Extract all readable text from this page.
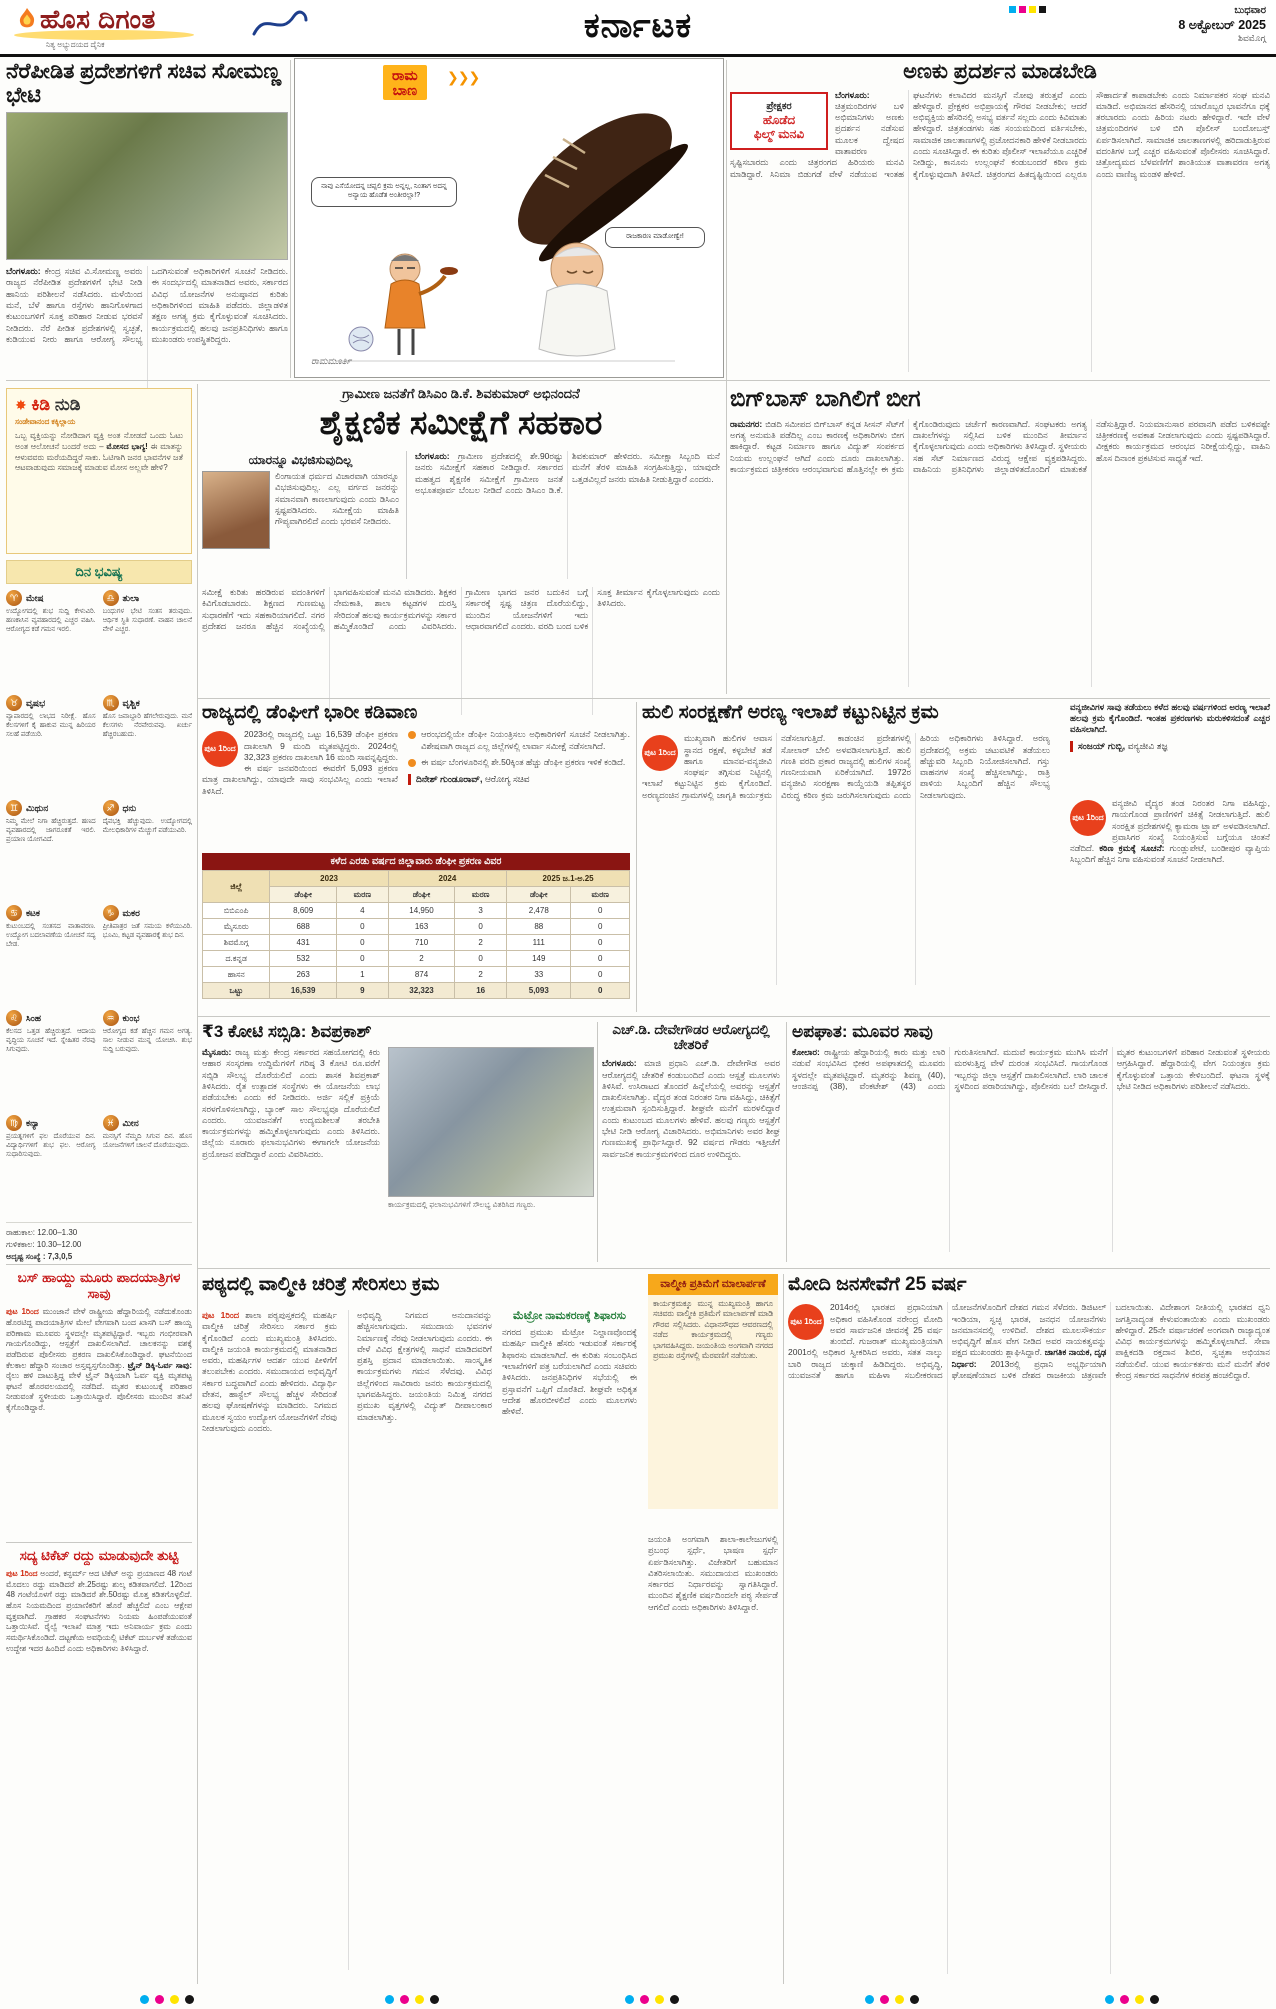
ಹೊಸ ದಿಗಂತ
ನಿತ್ಯ ಅಭ್ಯುದಯದ ದೈನಿಕ	ಕರ್ನಾಟಕ	ಬುಧವಾರ
8 ಅಕ್ಟೋಬರ್ 2025
ಶಿವಮೊಗ್ಗ
ನೆರೆಪೀಡಿತ ಪ್ರದೇಶಗಳಿಗೆ ಸಚಿವ ಸೋಮಣ್ಣ ಭೇಟಿ
ಬೆಂಗಳೂರು: ಕೇಂದ್ರ ಸಚಿವ ವಿ.ಸೋಮಣ್ಣ ಅವರು ರಾಜ್ಯದ ನೆರೆಪೀಡಿತ ಪ್ರದೇಶಗಳಿಗೆ ಭೇಟಿ ನೀಡಿ ಹಾನಿಯ ಪರಿಶೀಲನೆ ನಡೆಸಿದರು. ಮಳೆಯಿಂದ ಮನೆ, ಬೆಳೆ ಹಾಗೂ ರಸ್ತೆಗಳು ಹಾನಿಗೊಳಗಾದ ಕುಟುಂಬಗಳಿಗೆ ಸೂಕ್ತ ಪರಿಹಾರ ನೀಡುವ ಭರವಸೆ ನೀಡಿದರು. ನೆರೆ ಪೀಡಿತ ಪ್ರದೇಶಗಳಲ್ಲಿ ಸ್ವಚ್ಛತೆ, ಕುಡಿಯುವ ನೀರು ಹಾಗೂ ಆರೋಗ್ಯ ಸೌಲಭ್ಯ ಒದಗಿಸುವಂತೆ ಅಧಿಕಾರಿಗಳಿಗೆ ಸೂಚನೆ ನೀಡಿದರು. ಈ ಸಂದರ್ಭದಲ್ಲಿ ಮಾತನಾಡಿದ ಅವರು, ಸರ್ಕಾರದ ವಿವಿಧ ಯೋಜನೆಗಳ ಅನುಷ್ಠಾನದ ಕುರಿತು ಅಧಿಕಾರಿಗಳಿಂದ ಮಾಹಿತಿ ಪಡೆದರು. ಜಿಲ್ಲಾಡಳಿತ ತಕ್ಷಣ ಅಗತ್ಯ ಕ್ರಮ ಕೈಗೊಳ್ಳುವಂತೆ ಸೂಚಿಸಿದರು. ಕಾರ್ಯಕ್ರಮದಲ್ಲಿ ಹಲವು ಜನಪ್ರತಿನಿಧಿಗಳು ಹಾಗೂ ಮುಖಂಡರು ಉಪಸ್ಥಿತರಿದ್ದರು.
ರಾಮ
ಬಾಣ
❯❯❯
ನಾವು ಎಸೆಯೋದನ್ನ ಚಪ್ಪಲಿ ಕ್ರಮ ಅನ್ನಲ್ಲ, ನಿಂತಾಗ ಅದನ್ನ ಅನ್ಯಾಯ ಹೊಡೆತ ಅಂತೀರಲ್ಲಾ!?
ರಾಜಕಾರಣ ಮಾಡೋಣ್ವೇ!
ರಾಮಮೂರ್ತಿ
ಅಣಕು ಪ್ರದರ್ಶನ ಮಾಡಬೇಡಿ
ಪ್ರೇಕ್ಷಕರ
ಹೊಡೆದ
ಫಿಲ್ಮ್ ಮನವಿ
ಬೆಂಗಳೂರು: ಚಿತ್ರಮಂದಿರಗಳ ಬಳಿ ಅಭಿಮಾನಿಗಳು ಅಣಕು ಪ್ರದರ್ಶನ ನಡೆಸುವ ಮೂಲಕ ದ್ವೇಷದ ವಾತಾವರಣ ಸೃಷ್ಟಿಸಬಾರದು ಎಂದು ಚಿತ್ರರಂಗದ ಹಿರಿಯರು ಮನವಿ ಮಾಡಿದ್ದಾರೆ. ಸಿನಿಮಾ ಬಿಡುಗಡೆ ವೇಳೆ ನಡೆಯುವ ಇಂತಹ ಘಟನೆಗಳು ಕಲಾವಿದರ ಮನಸ್ಸಿಗೆ ನೋವು ತರುತ್ತವೆ ಎಂದು ಹೇಳಿದ್ದಾರೆ. ಪ್ರೇಕ್ಷಕರ ಅಭಿಪ್ರಾಯಕ್ಕೆ ಗೌರವ ನೀಡಬೇಕು; ಆದರೆ ಅಭಿವ್ಯಕ್ತಿಯ ಹೆಸರಿನಲ್ಲಿ ಅಸಭ್ಯ ವರ್ತನೆ ಸಲ್ಲದು ಎಂದು ಕಿವಿಮಾತು ಹೇಳಿದ್ದಾರೆ. ಚಿತ್ರತಂಡಗಳು ಸಹ ಸಂಯಮದಿಂದ ವರ್ತಿಸಬೇಕು, ಸಾಮಾಜಿಕ ಜಾಲತಾಣಗಳಲ್ಲಿ ಪ್ರಚೋದನಕಾರಿ ಹೇಳಿಕೆ ನೀಡಬಾರದು ಎಂದು ಸೂಚಿಸಿದ್ದಾರೆ. ಈ ಕುರಿತು ಪೊಲೀಸ್ ಇಲಾಖೆಯೂ ಎಚ್ಚರಿಕೆ ನೀಡಿದ್ದು, ಕಾನೂನು ಉಲ್ಲಂಘನೆ ಕಂಡುಬಂದರೆ ಕಠಿಣ ಕ್ರಮ ಕೈಗೊಳ್ಳುವುದಾಗಿ ತಿಳಿಸಿದೆ. ಚಿತ್ರರಂಗದ ಹಿತದೃಷ್ಟಿಯಿಂದ ಎಲ್ಲರೂ ಸೌಹಾರ್ದತೆ ಕಾಪಾಡಬೇಕು ಎಂದು ನಿರ್ಮಾಪಕರ ಸಂಘ ಮನವಿ ಮಾಡಿದೆ. ಅಭಿಮಾನದ ಹೆಸರಿನಲ್ಲಿ ಯಾರೊಬ್ಬರ ಭಾವನೆಗೂ ಧಕ್ಕೆ ತರಬಾರದು ಎಂದು ಹಿರಿಯ ನಟರು ಹೇಳಿದ್ದಾರೆ. ಇದೇ ವೇಳೆ ಚಿತ್ರಮಂದಿರಗಳ ಬಳಿ ಬಿಗಿ ಪೊಲೀಸ್ ಬಂದೋಬಸ್ತ್ ಏರ್ಪಡಿಸಲಾಗಿದೆ. ಸಾಮಾಜಿಕ ಜಾಲತಾಣಗಳಲ್ಲಿ ಹರಿದಾಡುತ್ತಿರುವ ವದಂತಿಗಳ ಬಗ್ಗೆ ಎಚ್ಚರ ವಹಿಸುವಂತೆ ಪೊಲೀಸರು ಸೂಚಿಸಿದ್ದಾರೆ. ಚಿತ್ರೋದ್ಯಮದ ಬೆಳವಣಿಗೆಗೆ ಶಾಂತಿಯುತ ವಾತಾವರಣ ಅಗತ್ಯ ಎಂದು ವಾಣಿಜ್ಯ ಮಂಡಳಿ ಹೇಳಿದೆ.
✸ ಕಿಡಿ ನುಡಿ
ಸಂಡೇವಾನಂದ ಕಕ್ಕಿಲ್ಲಾಯ
ಒಬ್ಬ ವ್ಯಕ್ತಿಯನ್ನು ನೋಡಿದಾಗ ವ್ಯಕ್ತಿ ಅಂತ ನೋಡದೆ ಒಂದು ಓಟು ಅಂತ ಆಲೋಚನೆ ಬಂದರೆ ಅದು – ಮೋಸದ ಭಾಗ್ಯ! ಈ ಮಾತನ್ನು ಆಳುವವರು ಮರೆಯದಿದ್ದರೆ ಸಾಕು. ಓಟಿಗಾಗಿ ಜನರ ಭಾವನೆಗಳ ಜತೆ ಆಟವಾಡುವುದು ಸಮಾಜಕ್ಕೆ ಮಾಡುವ ಮೋಸ ಅಲ್ಲವೇ ಹೇಳಿ?
ದಿನ ಭವಿಷ್ಯ
♈ ಮೇಷ
ಉದ್ಯೋಗದಲ್ಲಿ ಶುಭ ಸುದ್ದಿ ಕೇಳುವಿರಿ. ಹಣಕಾಸಿನ ವ್ಯವಹಾರದಲ್ಲಿ ಎಚ್ಚರ ವಹಿಸಿ. ಆರೋಗ್ಯದ ಕಡೆ ಗಮನ ಇರಲಿ.
♎ ತುಲಾ
ಬಂಧುಗಳ ಭೇಟಿ ಸಂತಸ ತರುವುದು. ಆರ್ಥಿಕ ಸ್ಥಿತಿ ಸುಧಾರಣೆ. ವಾಹನ ಚಾಲನೆ ವೇಳೆ ಎಚ್ಚರ.
♉ ವೃಷಭ
ವ್ಯಾಪಾರದಲ್ಲಿ ಲಾಭದ ನಿರೀಕ್ಷೆ. ಹೊಸ ಕೆಲಸಗಳಿಗೆ ಕೈ ಹಾಕುವ ಮುನ್ನ ಹಿರಿಯರ ಸಲಹೆ ಪಡೆಯಿರಿ.
♏ ವೃಶ್ಚಿಕ
ಹೊಸ ಜವಾಬ್ದಾರಿ ಹೆಗಲೇರುವುದು. ಮನೆ ಕೆಲಸಗಳು ನೆರವೇರುವವು. ಖರ್ಚು ಹೆಚ್ಚಿರಬಹುದು.
♊ ಮಿಥುನ
ನಿಮ್ಮ ಮೇಲೆ ನಿಗಾ ಹೆಚ್ಚಿರುತ್ತದೆ. ಹಣದ ವ್ಯವಹಾರದಲ್ಲಿ ಜಾಗರೂಕತೆ ಇರಲಿ. ಪ್ರಯಾಣ ಯೋಗವಿದೆ.
♐ ಧನು
ದೈವಭಕ್ತಿ ಹೆಚ್ಚುವುದು. ಉದ್ಯೋಗದಲ್ಲಿ ಮೇಲಧಿಕಾರಿಗಳ ಮೆಚ್ಚುಗೆ ಪಡೆಯುವಿರಿ.
♋ ಕಟಕ
ಕುಟುಂಬದಲ್ಲಿ ಸಂತಸದ ವಾತಾವರಣ. ಉದ್ಯೋಗ ಬದಲಾವಣೆಯ ಯೋಚನೆ ಸದ್ಯ ಬೇಡ.
♑ ಮಕರ
ಪ್ರೀತಿಪಾತ್ರರ ಜತೆ ಸಮಯ ಕಳೆಯುವಿರಿ. ಭೂಮಿ, ಕಟ್ಟಡ ವ್ಯವಹಾರಕ್ಕೆ ಶುಭ ದಿನ.
♌ ಸಿಂಹ
ಕೆಲಸದ ಒತ್ತಡ ಹೆಚ್ಚಿರುತ್ತದೆ. ಆದಾಯ ವೃದ್ಧಿಯ ಸೂಚನೆ ಇದೆ. ಸ್ನೇಹಿತರ ನೆರವು ಸಿಗುವುದು.
♒ ಕುಂಭ
ಆರೋಗ್ಯದ ಕಡೆ ಹೆಚ್ಚಿನ ಗಮನ ಅಗತ್ಯ. ಸಾಲ ನೀಡುವ ಮುನ್ನ ಯೋಚಿಸಿ. ಶುಭ ಸುದ್ದಿ ಬರುವುದು.
♍ ಕನ್ಯಾ
ಪ್ರಯತ್ನಗಳಿಗೆ ಫಲ ದೊರೆಯುವ ದಿನ. ವಿದ್ಯಾರ್ಥಿಗಳಿಗೆ ಶುಭ ಫಲ. ಆರೋಗ್ಯ ಸುಧಾರಿಸುವುದು.
♓ ಮೀನ
ಮನಸ್ಸಿಗೆ ನೆಮ್ಮದಿ ಸಿಗುವ ದಿನ. ಹೊಸ ಯೋಜನೆಗಳಿಗೆ ಚಾಲನೆ ದೊರೆಯುವುದು.
ರಾಹುಕಾಲ: 12.00–1.30
ಗುಳಿಕಕಾಲ: 10.30–12.00
ಅದೃಷ್ಟ ಸಂಖ್ಯೆ : 7,3,0,5
ಗ್ರಾಮೀಣ ಜನತೆಗೆ ಡಿಸಿಎಂ ಡಿ.ಕೆ. ಶಿವಕುಮಾರ್ ಅಭಿನಂದನೆ
ಶೈಕ್ಷಣಿಕ ಸಮೀಕ್ಷೆಗೆ ಸಹಕಾರ
ಯಾರನ್ನೂ ವಿಭಜಿಸುವುದಿಲ್ಲ
ಲಿಂಗಾಯತ ಧರ್ಮದ ವಿಚಾರವಾಗಿ ಯಾರನ್ನೂ ವಿಭಜಿಸುವುದಿಲ್ಲ. ಎಲ್ಲ ವರ್ಗದ ಜನರನ್ನು ಸಮಾನವಾಗಿ ಕಾಣಲಾಗುವುದು ಎಂದು ಡಿಸಿಎಂ ಸ್ಪಷ್ಟಪಡಿಸಿದರು. ಸಮೀಕ್ಷೆಯ ಮಾಹಿತಿ ಗೌಪ್ಯವಾಗಿರಲಿದೆ ಎಂದು ಭರವಸೆ ನೀಡಿದರು.
ಬೆಂಗಳೂರು: ಗ್ರಾಮೀಣ ಪ್ರದೇಶದಲ್ಲಿ ಶೇ.90ರಷ್ಟು ಜನರು ಸಮೀಕ್ಷೆಗೆ ಸಹಕಾರ ನೀಡಿದ್ದಾರೆ. ಸರ್ಕಾರದ ಮಹತ್ವದ ಶೈಕ್ಷಣಿಕ ಸಮೀಕ್ಷೆಗೆ ಗ್ರಾಮೀಣ ಜನತೆ ಅಭೂತಪೂರ್ವ ಬೆಂಬಲ ನೀಡಿದೆ ಎಂದು ಡಿಸಿಎಂ ಡಿ.ಕೆ. ಶಿವಕುಮಾರ್ ಹೇಳಿದರು. ಸಮೀಕ್ಷಾ ಸಿಬ್ಬಂದಿ ಮನೆ ಮನೆಗೆ ತೆರಳಿ ಮಾಹಿತಿ ಸಂಗ್ರಹಿಸುತ್ತಿದ್ದು, ಯಾವುದೇ ಒತ್ತಡವಿಲ್ಲದೆ ಜನರು ಮಾಹಿತಿ ನೀಡುತ್ತಿದ್ದಾರೆ ಎಂದರು.
ಸಮೀಕ್ಷೆ ಕುರಿತು ಹರಡಿರುವ ವದಂತಿಗಳಿಗೆ ಕಿವಿಗೊಡಬಾರದು. ಶಿಕ್ಷಣದ ಗುಣಮಟ್ಟ ಸುಧಾರಣೆಗೆ ಇದು ಸಹಕಾರಿಯಾಗಲಿದೆ. ನಗರ ಪ್ರದೇಶದ ಜನರೂ ಹೆಚ್ಚಿನ ಸಂಖ್ಯೆಯಲ್ಲಿ ಭಾಗವಹಿಸುವಂತೆ ಮನವಿ ಮಾಡಿದರು. ಶಿಕ್ಷಕರ ನೇಮಕಾತಿ, ಶಾಲಾ ಕಟ್ಟಡಗಳ ದುರಸ್ತಿ ಸೇರಿದಂತೆ ಹಲವು ಕಾರ್ಯಕ್ರಮಗಳನ್ನು ಸರ್ಕಾರ ಹಮ್ಮಿಕೊಂಡಿದೆ ಎಂದು ವಿವರಿಸಿದರು. ಗ್ರಾಮೀಣ ಭಾಗದ ಜನರ ಬದುಕಿನ ಬಗ್ಗೆ ಸರ್ಕಾರಕ್ಕೆ ಸ್ಪಷ್ಟ ಚಿತ್ರಣ ದೊರೆಯಲಿದ್ದು, ಮುಂದಿನ ಯೋಜನೆಗಳಿಗೆ ಇದು ಆಧಾರವಾಗಲಿದೆ ಎಂದರು. ವರದಿ ಬಂದ ಬಳಿಕ ಸೂಕ್ತ ತೀರ್ಮಾನ ಕೈಗೊಳ್ಳಲಾಗುವುದು ಎಂದು ತಿಳಿಸಿದರು.
ಬಿಗ್‌ಬಾಸ್ ಬಾಗಿಲಿಗೆ ಬೀಗ
ರಾಮನಗರ: ಬಿಡದಿ ಸಮೀಪದ ಬಿಗ್‌ಬಾಸ್ ಕನ್ನಡ ಸೀಸನ್ ಸೆಟ್‌ಗೆ ಅಗತ್ಯ ಅನುಮತಿ ಪಡೆದಿಲ್ಲ ಎಂಬ ಕಾರಣಕ್ಕೆ ಅಧಿಕಾರಿಗಳು ಬೀಗ ಹಾಕಿದ್ದಾರೆ. ಕಟ್ಟಡ ನಿರ್ಮಾಣ ಹಾಗೂ ವಿದ್ಯುತ್ ಸಂಪರ್ಕದ ನಿಯಮ ಉಲ್ಲಂಘನೆ ಆಗಿದೆ ಎಂದು ದೂರು ದಾಖಲಾಗಿತ್ತು. ಕಾರ್ಯಕ್ರಮದ ಚಿತ್ರೀಕರಣ ಆರಂಭವಾಗುವ ಹೊತ್ತಿನಲ್ಲೇ ಈ ಕ್ರಮ ಕೈಗೊಂಡಿರುವುದು ಚರ್ಚೆಗೆ ಕಾರಣವಾಗಿದೆ. ಸಂಘಟಕರು ಅಗತ್ಯ ದಾಖಲೆಗಳನ್ನು ಸಲ್ಲಿಸಿದ ಬಳಿಕ ಮುಂದಿನ ತೀರ್ಮಾನ ಕೈಗೊಳ್ಳಲಾಗುವುದು ಎಂದು ಅಧಿಕಾರಿಗಳು ತಿಳಿಸಿದ್ದಾರೆ. ಸ್ಥಳೀಯರು ಸಹ ಸೆಟ್ ನಿರ್ಮಾಣದ ವಿರುದ್ಧ ಆಕ್ಷೇಪ ವ್ಯಕ್ತಪಡಿಸಿದ್ದರು. ವಾಹಿನಿಯ ಪ್ರತಿನಿಧಿಗಳು ಜಿಲ್ಲಾಡಳಿತದೊಂದಿಗೆ ಮಾತುಕತೆ ನಡೆಸುತ್ತಿದ್ದಾರೆ. ನಿಯಮಾನುಸಾರ ಪರವಾನಗಿ ಪಡೆದ ಬಳಿಕವಷ್ಟೇ ಚಿತ್ರೀಕರಣಕ್ಕೆ ಅವಕಾಶ ನೀಡಲಾಗುವುದು ಎಂದು ಸ್ಪಷ್ಟಪಡಿಸಿದ್ದಾರೆ. ವೀಕ್ಷಕರು ಕಾರ್ಯಕ್ರಮದ ಆರಂಭದ ನಿರೀಕ್ಷೆಯಲ್ಲಿದ್ದು, ವಾಹಿನಿ ಹೊಸ ದಿನಾಂಕ ಪ್ರಕಟಿಸುವ ಸಾಧ್ಯತೆ ಇದೆ.
ರಾಜ್ಯದಲ್ಲಿ ಡೆಂಘೀಗೆ ಭಾರೀ ಕಡಿವಾಣ
ಪುಟ 1ರಿಂದ
2023ರಲ್ಲಿ ರಾಜ್ಯದಲ್ಲಿ ಒಟ್ಟು 16,539 ಡೆಂಘೀ ಪ್ರಕರಣ ದಾಖಲಾಗಿ 9 ಮಂದಿ ಮೃತಪಟ್ಟಿದ್ದರು. 2024ರಲ್ಲಿ 32,323 ಪ್ರಕರಣ ದಾಖಲಾಗಿ 16 ಮಂದಿ ಸಾವನ್ನಪ್ಪಿದ್ದರು. ಈ ವರ್ಷ ಜನವರಿಯಿಂದ ಈವರೆಗೆ 5,093 ಪ್ರಕರಣ ಮಾತ್ರ ದಾಖಲಾಗಿದ್ದು, ಯಾವುದೇ ಸಾವು ಸಂಭವಿಸಿಲ್ಲ ಎಂದು ಇಲಾಖೆ ತಿಳಿಸಿದೆ.
ಆರಂಭದಲ್ಲಿಯೇ ಡೆಂಘೀ ನಿಯಂತ್ರಿಸಲು ಅಧಿಕಾರಿಗಳಿಗೆ ಸೂಚನೆ ನೀಡಲಾಗಿತ್ತು. ವಿಶೇಷವಾಗಿ ರಾಜ್ಯದ ಎಲ್ಲ ಜಿಲ್ಲೆಗಳಲ್ಲಿ ಲಾರ್ವಾ ಸಮೀಕ್ಷೆ ನಡೆಸಲಾಗಿದೆ.
ಈ ವರ್ಷ ಬೆಂಗಳೂರಿನಲ್ಲಿ ಶೇ.50ಕ್ಕಿಂತ ಹೆಚ್ಚು ಡೆಂಘೀ ಪ್ರಕರಣ ಇಳಿಕೆ ಕಂಡಿದೆ.
ದಿನೇಶ್ ಗುಂಡೂರಾವ್, ಆರೋಗ್ಯ ಸಚಿವ
ಕಳೆದ ಎರಡು ವರ್ಷದ ಜಿಲ್ಲಾವಾರು ಡೆಂಘೀ ಪ್ರಕರಣ ವಿವರ
ಜಿಲ್ಲೆ	2023		2024		2025 ಜ.1-ಅ.25	
	ಡೆಂಘೀ	ಮರಣ	ಡೆಂಘೀ	ಮರಣ	ಡೆಂಘೀ	ಮರಣ
ಬಿಬಿಎಂಪಿ	8,609	4	14,950	3	2,478	0
ಮೈಸೂರು	688	0	163	0	88	0
ಶಿವಮೊಗ್ಗ	431	0	710	2	111	0
ದ.ಕನ್ನಡ	532	0	2	0	149	0
ಹಾಸನ	263	1	874	2	33	0
ಒಟ್ಟು	16,539	9	32,323	16	5,093	0
ಹುಲಿ ಸಂರಕ್ಷಣೆಗೆ ಅರಣ್ಯ ಇಲಾಖೆ ಕಟ್ಟುನಿಟ್ಟಿನ ಕ್ರಮ	ವನ್ಯಜೀವಿಗಳ ಸಾವು ತಡೆಯಲು ಕಳೆದ ಹಲವು ವರ್ಷಗಳಿಂದ ಅರಣ್ಯ ಇಲಾಖೆ ಹಲವು ಕ್ರಮ ಕೈಗೊಂಡಿದೆ. ಇಂತಹ ಪ್ರಕರಣಗಳು ಮರುಕಳಿಸದಂತೆ ಎಚ್ಚರ ವಹಿಸಲಾಗಿದೆ.
ಸಂಜಯ್ ಗುಬ್ಬಿ, ವನ್ಯಜೀವಿ ತಜ್ಞ
ಪುಟ 1ರಿಂದ
ಮುಖ್ಯವಾಗಿ ಹುಲಿಗಳ ಆವಾಸ ಸ್ಥಾನದ ರಕ್ಷಣೆ, ಕಳ್ಳಬೇಟೆ ತಡೆ ಹಾಗೂ ಮಾನವ-ವನ್ಯಜೀವಿ ಸಂಘರ್ಷ ತಗ್ಗಿಸುವ ನಿಟ್ಟಿನಲ್ಲಿ ಇಲಾಖೆ ಕಟ್ಟುನಿಟ್ಟಿನ ಕ್ರಮ ಕೈಗೊಂಡಿದೆ. ಅರಣ್ಯದಂಚಿನ ಗ್ರಾಮಗಳಲ್ಲಿ ಜಾಗೃತಿ ಕಾರ್ಯಕ್ರಮ ನಡೆಸಲಾಗುತ್ತಿದೆ. ಕಾಡಂಚಿನ ಪ್ರದೇಶಗಳಲ್ಲಿ ಸೋಲಾರ್ ಬೇಲಿ ಅಳವಡಿಸಲಾಗುತ್ತಿದೆ. ಹುಲಿ ಗಣತಿ ವರದಿ ಪ್ರಕಾರ ರಾಜ್ಯದಲ್ಲಿ ಹುಲಿಗಳ ಸಂಖ್ಯೆ ಗಣನೀಯವಾಗಿ ಏರಿಕೆಯಾಗಿದೆ. 1972ರ ವನ್ಯಜೀವಿ ಸಂರಕ್ಷಣಾ ಕಾಯ್ದೆಯಡಿ ತಪ್ಪಿತಸ್ಥರ ವಿರುದ್ಧ ಕಠಿಣ ಕ್ರಮ ಜರುಗಿಸಲಾಗುವುದು ಎಂದು ಹಿರಿಯ ಅಧಿಕಾರಿಗಳು ತಿಳಿಸಿದ್ದಾರೆ. ಅರಣ್ಯ ಪ್ರದೇಶದಲ್ಲಿ ಅಕ್ರಮ ಚಟುವಟಿಕೆ ತಡೆಯಲು ಹೆಚ್ಚುವರಿ ಸಿಬ್ಬಂದಿ ನಿಯೋಜಿಸಲಾಗಿದೆ. ಗಸ್ತು ವಾಹನಗಳ ಸಂಖ್ಯೆ ಹೆಚ್ಚಿಸಲಾಗಿದ್ದು, ರಾತ್ರಿ ಪಾಳಿಯ ಸಿಬ್ಬಂದಿಗೆ ಹೆಚ್ಚಿನ ಸೌಲಭ್ಯ ನೀಡಲಾಗುವುದು.
ಪುಟ 1ರಿಂದ
ವನ್ಯಜೀವಿ ವೈದ್ಯರ ತಂಡ ನಿರಂತರ ನಿಗಾ ವಹಿಸಿದ್ದು, ಗಾಯಗೊಂಡ ಪ್ರಾಣಿಗಳಿಗೆ ಚಿಕಿತ್ಸೆ ನೀಡಲಾಗುತ್ತಿದೆ. ಹುಲಿ ಸಂರಕ್ಷಿತ ಪ್ರದೇಶಗಳಲ್ಲಿ ಕ್ಯಾಮರಾ ಟ್ರ್ಯಾಪ್ ಅಳವಡಿಸಲಾಗಿದೆ. ಪ್ರವಾಸಿಗರ ಸಂಖ್ಯೆ ನಿಯಂತ್ರಿಸುವ ಬಗ್ಗೆಯೂ ಚಿಂತನೆ ನಡೆದಿದೆ. ಕಠಿಣ ಕ್ರಮಕ್ಕೆ ಸೂಚನೆ: ಗುಂಡ್ಲುಪೇಟೆ, ಬಂಡೀಪುರ ವ್ಯಾಪ್ತಿಯ ಸಿಬ್ಬಂದಿಗೆ ಹೆಚ್ಚಿನ ನಿಗಾ ವಹಿಸುವಂತೆ ಸೂಚನೆ ನೀಡಲಾಗಿದೆ.
₹3 ಕೋಟಿ ಸಬ್ಸಿಡಿ: ಶಿವಪ್ರಕಾಶ್
ಮೈಸೂರು: ರಾಜ್ಯ ಮತ್ತು ಕೇಂದ್ರ ಸರ್ಕಾರದ ಸಹಯೋಗದಲ್ಲಿ ಕಿರು ಆಹಾರ ಸಂಸ್ಕರಣಾ ಉದ್ದಿಮೆಗಳಿಗೆ ಗರಿಷ್ಠ 3 ಕೋಟಿ ರೂ.ವರೆಗೆ ಸಬ್ಸಿಡಿ ಸೌಲಭ್ಯ ದೊರೆಯಲಿದೆ ಎಂದು ಶಾಸಕ ಶಿವಪ್ರಕಾಶ್ ತಿಳಿಸಿದರು. ರೈತ ಉತ್ಪಾದಕ ಸಂಸ್ಥೆಗಳು ಈ ಯೋಜನೆಯ ಲಾಭ ಪಡೆಯಬೇಕು ಎಂದು ಕರೆ ನೀಡಿದರು. ಅರ್ಜಿ ಸಲ್ಲಿಕೆ ಪ್ರಕ್ರಿಯೆ ಸರಳಗೊಳಿಸಲಾಗಿದ್ದು, ಬ್ಯಾಂಕ್ ಸಾಲ ಸೌಲಭ್ಯವೂ ದೊರೆಯಲಿದೆ ಎಂದರು. ಯುವಜನತೆಗೆ ಉದ್ಯಮಶೀಲತೆ ತರಬೇತಿ ಕಾರ್ಯಕ್ರಮಗಳನ್ನು ಹಮ್ಮಿಕೊಳ್ಳಲಾಗುವುದು ಎಂದು ತಿಳಿಸಿದರು. ಜಿಲ್ಲೆಯ ನೂರಾರು ಫಲಾನುಭವಿಗಳು ಈಗಾಗಲೇ ಯೋಜನೆಯ ಪ್ರಯೋಜನ ಪಡೆದಿದ್ದಾರೆ ಎಂದು ವಿವರಿಸಿದರು.
ಕಾರ್ಯಕ್ರಮದಲ್ಲಿ ಫಲಾನುಭವಿಗಳಿಗೆ ಸೌಲಭ್ಯ ವಿತರಿಸಿದ ಗಣ್ಯರು.
ಎಚ್.ಡಿ. ದೇವೇಗೌಡರ ಆರೋಗ್ಯದಲ್ಲಿ ಚೇತರಿಕೆ
ಬೆಂಗಳೂರು: ಮಾಜಿ ಪ್ರಧಾನಿ ಎಚ್.ಡಿ. ದೇವೇಗೌಡ ಅವರ ಆರೋಗ್ಯದಲ್ಲಿ ಚೇತರಿಕೆ ಕಂಡುಬಂದಿದೆ ಎಂದು ಆಸ್ಪತ್ರೆ ಮೂಲಗಳು ತಿಳಿಸಿವೆ. ಉಸಿರಾಟದ ತೊಂದರೆ ಹಿನ್ನೆಲೆಯಲ್ಲಿ ಅವರನ್ನು ಆಸ್ಪತ್ರೆಗೆ ದಾಖಲಿಸಲಾಗಿತ್ತು. ವೈದ್ಯರ ತಂಡ ನಿರಂತರ ನಿಗಾ ವಹಿಸಿದ್ದು, ಚಿಕಿತ್ಸೆಗೆ ಉತ್ತಮವಾಗಿ ಸ್ಪಂದಿಸುತ್ತಿದ್ದಾರೆ. ಶೀಘ್ರವೇ ಮನೆಗೆ ಮರಳಲಿದ್ದಾರೆ ಎಂದು ಕುಟುಂಬದ ಮೂಲಗಳು ಹೇಳಿವೆ. ಹಲವು ಗಣ್ಯರು ಆಸ್ಪತ್ರೆಗೆ ಭೇಟಿ ನೀಡಿ ಆರೋಗ್ಯ ವಿಚಾರಿಸಿದರು. ಅಭಿಮಾನಿಗಳು ಅವರ ಶೀಘ್ರ ಗುಣಮುಖಕ್ಕೆ ಪ್ರಾರ್ಥಿಸಿದ್ದಾರೆ. 92 ವರ್ಷದ ಗೌಡರು ಇತ್ತೀಚೆಗೆ ಸಾರ್ವಜನಿಕ ಕಾರ್ಯಕ್ರಮಗಳಿಂದ ದೂರ ಉಳಿದಿದ್ದರು.
ಅಪಘಾತ: ಮೂವರ ಸಾವು
ಕೋಲಾರ: ರಾಷ್ಟ್ರೀಯ ಹೆದ್ದಾರಿಯಲ್ಲಿ ಕಾರು ಮತ್ತು ಲಾರಿ ನಡುವೆ ಸಂಭವಿಸಿದ ಭೀಕರ ಅಪಘಾತದಲ್ಲಿ ಮೂವರು ಸ್ಥಳದಲ್ಲೇ ಮೃತಪಟ್ಟಿದ್ದಾರೆ. ಮೃತರನ್ನು ಶಿವಣ್ಣ (40), ಆಂಜಿನಪ್ಪ (38), ವೆಂಕಟೇಶ್ (43) ಎಂದು ಗುರುತಿಸಲಾಗಿದೆ. ಮದುವೆ ಕಾರ್ಯಕ್ರಮ ಮುಗಿಸಿ ಮನೆಗೆ ಮರಳುತ್ತಿದ್ದ ವೇಳೆ ದುರಂತ ಸಂಭವಿಸಿದೆ. ಗಾಯಗೊಂಡ ಇಬ್ಬರನ್ನು ಜಿಲ್ಲಾ ಆಸ್ಪತ್ರೆಗೆ ದಾಖಲಿಸಲಾಗಿದೆ. ಲಾರಿ ಚಾಲಕ ಸ್ಥಳದಿಂದ ಪರಾರಿಯಾಗಿದ್ದು, ಪೊಲೀಸರು ಬಲೆ ಬೀಸಿದ್ದಾರೆ. ಮೃತರ ಕುಟುಂಬಗಳಿಗೆ ಪರಿಹಾರ ನೀಡುವಂತೆ ಸ್ಥಳೀಯರು ಆಗ್ರಹಿಸಿದ್ದಾರೆ. ಹೆದ್ದಾರಿಯಲ್ಲಿ ವೇಗ ನಿಯಂತ್ರಣ ಕ್ರಮ ಕೈಗೊಳ್ಳುವಂತೆ ಒತ್ತಾಯ ಕೇಳಿಬಂದಿದೆ. ಘಟನಾ ಸ್ಥಳಕ್ಕೆ ಭೇಟಿ ನೀಡಿದ ಅಧಿಕಾರಿಗಳು ಪರಿಶೀಲನೆ ನಡೆಸಿದರು.
ಪಠ್ಯದಲ್ಲಿ ವಾಲ್ಮೀಕಿ ಚರಿತ್ರೆ ಸೇರಿಸಲು ಕ್ರಮ	ವಾಲ್ಮೀಕಿ ಪ್ರತಿಮೆಗೆ ಮಾಲಾರ್ಪಣೆ
ಕಾರ್ಯಕ್ರಮಕ್ಕೂ ಮುನ್ನ ಮುಖ್ಯಮಂತ್ರಿ ಹಾಗೂ ಸಚಿವರು ವಾಲ್ಮೀಕಿ ಪ್ರತಿಮೆಗೆ ಮಾಲಾರ್ಪಣೆ ಮಾಡಿ ಗೌರವ ಸಲ್ಲಿಸಿದರು. ವಿಧಾನಸೌಧದ ಆವರಣದಲ್ಲಿ ನಡೆದ ಕಾರ್ಯಕ್ರಮದಲ್ಲಿ ಗಣ್ಯರು ಭಾಗವಹಿಸಿದ್ದರು. ಜಯಂತಿಯ ಅಂಗವಾಗಿ ನಗರದ ಪ್ರಮುಖ ರಸ್ತೆಗಳಲ್ಲಿ ಮೆರವಣಿಗೆ ನಡೆಯಿತು.
ಪುಟ 1ರಿಂದ ಶಾಲಾ ಪಠ್ಯಪುಸ್ತಕದಲ್ಲಿ ಮಹರ್ಷಿ ವಾಲ್ಮೀಕಿ ಚರಿತ್ರೆ ಸೇರಿಸಲು ಸರ್ಕಾರ ಕ್ರಮ ಕೈಗೊಂಡಿದೆ ಎಂದು ಮುಖ್ಯಮಂತ್ರಿ ತಿಳಿಸಿದರು. ವಾಲ್ಮೀಕಿ ಜಯಂತಿ ಕಾರ್ಯಕ್ರಮದಲ್ಲಿ ಮಾತನಾಡಿದ ಅವರು, ಮಹರ್ಷಿಗಳ ಆದರ್ಶ ಯುವ ಪೀಳಿಗೆಗೆ ತಲುಪಬೇಕು ಎಂದರು. ಸಮುದಾಯದ ಅಭಿವೃದ್ಧಿಗೆ ಸರ್ಕಾರ ಬದ್ಧವಾಗಿದೆ ಎಂದು ಹೇಳಿದರು. ವಿದ್ಯಾರ್ಥಿ ವೇತನ, ಹಾಸ್ಟೆಲ್ ಸೌಲಭ್ಯ ಹೆಚ್ಚಳ ಸೇರಿದಂತೆ ಹಲವು ಘೋಷಣೆಗಳನ್ನು ಮಾಡಿದರು. ನಿಗಮದ ಮೂಲಕ ಸ್ವಯಂ ಉದ್ಯೋಗ ಯೋಜನೆಗಳಿಗೆ ನೆರವು ನೀಡಲಾಗುವುದು ಎಂದರು.
ಅಭಿವೃದ್ಧಿ ನಿಗಮದ ಅನುದಾನವನ್ನು ಹೆಚ್ಚಿಸಲಾಗುವುದು. ಸಮುದಾಯ ಭವನಗಳ ನಿರ್ಮಾಣಕ್ಕೆ ನೆರವು ನೀಡಲಾಗುವುದು ಎಂದರು. ಈ ವೇಳೆ ವಿವಿಧ ಕ್ಷೇತ್ರಗಳಲ್ಲಿ ಸಾಧನೆ ಮಾಡಿದವರಿಗೆ ಪ್ರಶಸ್ತಿ ಪ್ರದಾನ ಮಾಡಲಾಯಿತು. ಸಾಂಸ್ಕೃತಿಕ ಕಾರ್ಯಕ್ರಮಗಳು ಗಮನ ಸೆಳೆದವು. ವಿವಿಧ ಜಿಲ್ಲೆಗಳಿಂದ ಸಾವಿರಾರು ಜನರು ಕಾರ್ಯಕ್ರಮದಲ್ಲಿ ಭಾಗವಹಿಸಿದ್ದರು. ಜಯಂತಿಯ ನಿಮಿತ್ತ ನಗರದ ಪ್ರಮುಖ ವೃತ್ತಗಳಲ್ಲಿ ವಿದ್ಯುತ್ ದೀಪಾಲಂಕಾರ ಮಾಡಲಾಗಿತ್ತು.
ಮೆಟ್ರೋ ನಾಮಕರಣಕ್ಕೆ ಶಿಫಾರಸು
ನಗರದ ಪ್ರಮುಖ ಮೆಟ್ರೋ ನಿಲ್ದಾಣವೊಂದಕ್ಕೆ ಮಹರ್ಷಿ ವಾಲ್ಮೀಕಿ ಹೆಸರು ಇಡುವಂತೆ ಸರ್ಕಾರಕ್ಕೆ ಶಿಫಾರಸು ಮಾಡಲಾಗಿದೆ. ಈ ಕುರಿತು ಸಂಬಂಧಿಸಿದ ಇಲಾಖೆಗಳಿಗೆ ಪತ್ರ ಬರೆಯಲಾಗಿದೆ ಎಂದು ಸಚಿವರು ತಿಳಿಸಿದರು. ಜನಪ್ರತಿನಿಧಿಗಳ ಸಭೆಯಲ್ಲಿ ಈ ಪ್ರಸ್ತಾವನೆಗೆ ಒಪ್ಪಿಗೆ ದೊರೆತಿದೆ. ಶೀಘ್ರವೇ ಅಧಿಕೃತ ಆದೇಶ ಹೊರಬೀಳಲಿದೆ ಎಂದು ಮೂಲಗಳು ಹೇಳಿವೆ.
ಜಯಂತಿ ಅಂಗವಾಗಿ ಶಾಲಾ-ಕಾಲೇಜುಗಳಲ್ಲಿ ಪ್ರಬಂಧ ಸ್ಪರ್ಧೆ, ಭಾಷಣ ಸ್ಪರ್ಧೆ ಏರ್ಪಡಿಸಲಾಗಿತ್ತು. ವಿಜೇತರಿಗೆ ಬಹುಮಾನ ವಿತರಿಸಲಾಯಿತು. ಸಮುದಾಯದ ಮುಖಂಡರು ಸರ್ಕಾರದ ನಿರ್ಧಾರವನ್ನು ಸ್ವಾಗತಿಸಿದ್ದಾರೆ. ಮುಂದಿನ ಶೈಕ್ಷಣಿಕ ವರ್ಷದಿಂದಲೇ ಪಠ್ಯ ಸೇರ್ಪಡೆ ಆಗಲಿದೆ ಎಂದು ಅಧಿಕಾರಿಗಳು ತಿಳಿಸಿದ್ದಾರೆ.
ಮೋದಿ ಜನಸೇವೆಗೆ 25 ವರ್ಷ
ಪುಟ 1ರಿಂದ
2014ರಲ್ಲಿ ಭಾರತದ ಪ್ರಧಾನಿಯಾಗಿ ಅಧಿಕಾರ ವಹಿಸಿಕೊಂಡ ನರೇಂದ್ರ ಮೋದಿ ಅವರ ಸಾರ್ವಜನಿಕ ಜೀವನಕ್ಕೆ 25 ವರ್ಷ ತುಂಬಿದೆ. ಗುಜರಾತ್ ಮುಖ್ಯಮಂತ್ರಿಯಾಗಿ 2001ರಲ್ಲಿ ಅಧಿಕಾರ ಸ್ವೀಕರಿಸಿದ ಅವರು, ಸತತ ನಾಲ್ಕು ಬಾರಿ ರಾಜ್ಯದ ಚುಕ್ಕಾಣಿ ಹಿಡಿದಿದ್ದರು. ಅಭಿವೃದ್ಧಿ, ಯುವಜನತೆ ಹಾಗೂ ಮಹಿಳಾ ಸಬಲೀಕರಣದ ಯೋಜನೆಗಳೊಂದಿಗೆ ದೇಶದ ಗಮನ ಸೆಳೆದರು. ಡಿಜಿಟಲ್ ಇಂಡಿಯಾ, ಸ್ವಚ್ಛ ಭಾರತ, ಜನಧನ ಯೋಜನೆಗಳು ಜನಮಾನಸದಲ್ಲಿ ಉಳಿದಿವೆ. ದೇಶದ ಮೂಲಸೌಕರ್ಯ ಅಭಿವೃದ್ಧಿಗೆ ಹೊಸ ವೇಗ ನೀಡಿದ ಅವರ ನಾಯಕತ್ವವನ್ನು ಪಕ್ಷದ ಮುಖಂಡರು ಶ್ಲಾಘಿಸಿದ್ದಾರೆ. ಜಾಗತಿಕ ನಾಯಕ, ದೃಢ ನಿರ್ಧಾರ: 2013ರಲ್ಲಿ ಪ್ರಧಾನಿ ಅಭ್ಯರ್ಥಿಯಾಗಿ ಘೋಷಣೆಯಾದ ಬಳಿಕ ದೇಶದ ರಾಜಕೀಯ ಚಿತ್ರಣವೇ ಬದಲಾಯಿತು. ವಿದೇಶಾಂಗ ನೀತಿಯಲ್ಲಿ ಭಾರತದ ಧ್ವನಿ ಜಗತ್ತಿನಾದ್ಯಂತ ಕೇಳುವಂತಾಯಿತು ಎಂದು ಮುಖಂಡರು ಹೇಳಿದ್ದಾರೆ. 25ನೇ ವರ್ಷಾಚರಣೆ ಅಂಗವಾಗಿ ರಾಜ್ಯಾದ್ಯಂತ ವಿವಿಧ ಕಾರ್ಯಕ್ರಮಗಳನ್ನು ಹಮ್ಮಿಕೊಳ್ಳಲಾಗಿದೆ. ಸೇವಾ ಪಾಕ್ಷಿಕದಡಿ ರಕ್ತದಾನ ಶಿಬಿರ, ಸ್ವಚ್ಛತಾ ಅಭಿಯಾನ ನಡೆಯಲಿವೆ. ಯುವ ಕಾರ್ಯಕರ್ತರು ಮನೆ ಮನೆಗೆ ತೆರಳಿ ಕೇಂದ್ರ ಸರ್ಕಾರದ ಸಾಧನೆಗಳ ಕರಪತ್ರ ಹಂಚಲಿದ್ದಾರೆ.
ಬಸ್ ಹಾಯ್ದು ಮೂರು ಪಾದಯಾತ್ರಿಗಳ ಸಾವು
ಪುಟ 1ರಿಂದ ಮುಂಜಾನೆ ವೇಳೆ ರಾಷ್ಟ್ರೀಯ ಹೆದ್ದಾರಿಯಲ್ಲಿ ನಡೆದುಕೊಂಡು ಹೊರಟಿದ್ದ ಪಾದಯಾತ್ರಿಗಳ ಮೇಲೆ ವೇಗವಾಗಿ ಬಂದ ಖಾಸಗಿ ಬಸ್ ಹಾಯ್ದ ಪರಿಣಾಮ ಮೂವರು ಸ್ಥಳದಲ್ಲೇ ಮೃತಪಟ್ಟಿದ್ದಾರೆ. ಇಬ್ಬರು ಗಂಭೀರವಾಗಿ ಗಾಯಗೊಂಡಿದ್ದು, ಆಸ್ಪತ್ರೆಗೆ ದಾಖಲಿಸಲಾಗಿದೆ. ಚಾಲಕನನ್ನು ವಶಕ್ಕೆ ಪಡೆದಿರುವ ಪೊಲೀಸರು ಪ್ರಕರಣ ದಾಖಲಿಸಿಕೊಂಡಿದ್ದಾರೆ. ಘಟನೆಯಿಂದ ಕೆಲಕಾಲ ಹೆದ್ದಾರಿ ಸಂಚಾರ ಅಸ್ತವ್ಯಸ್ತಗೊಂಡಿತ್ತು. ಟ್ರೈನ್ ಡಿಕ್ಕಿ-ಓರ್ವ ಸಾವು: ರೈಲು ಹಳಿ ದಾಟುತ್ತಿದ್ದ ವೇಳೆ ಟ್ರೈನ್ ಡಿಕ್ಕಿಯಾಗಿ ಓರ್ವ ವ್ಯಕ್ತಿ ಮೃತಪಟ್ಟ ಘಟನೆ ಹೊರವಲಯದಲ್ಲಿ ನಡೆದಿದೆ. ಮೃತರ ಕುಟುಂಬಕ್ಕೆ ಪರಿಹಾರ ನೀಡುವಂತೆ ಸ್ಥಳೀಯರು ಒತ್ತಾಯಿಸಿದ್ದಾರೆ. ಪೊಲೀಸರು ಮುಂದಿನ ತನಿಖೆ ಕೈಗೊಂಡಿದ್ದಾರೆ.
ಸದ್ಯ ಟಿಕೆಟ್ ರದ್ದು ಮಾಡುವುದೇ ತುಟ್ಟಿ
ಪುಟ 1ರಿಂದ ಅಂದರೆ, ಕನ್ಫರ್ಮ್ ಆದ ಟಿಕೆಟ್ ಅನ್ನು ಪ್ರಯಾಣದ 48 ಗಂಟೆ ಮೊದಲು ರದ್ದು ಮಾಡಿದರೆ ಶೇ.25ರಷ್ಟು ಶುಲ್ಕ ಕಡಿತವಾಗಲಿದೆ. 12ರಿಂದ 48 ಗಂಟೆಯೊಳಗೆ ರದ್ದು ಮಾಡಿದರೆ ಶೇ.50ರಷ್ಟು ಮೊತ್ತ ಕಡಿತಗೊಳ್ಳಲಿದೆ. ಹೊಸ ನಿಯಮದಿಂದ ಪ್ರಯಾಣಿಕರಿಗೆ ಹೊರೆ ಹೆಚ್ಚಲಿದೆ ಎಂಬ ಆಕ್ಷೇಪ ವ್ಯಕ್ತವಾಗಿದೆ. ಗ್ರಾಹಕರ ಸಂಘಟನೆಗಳು ನಿಯಮ ಹಿಂಪಡೆಯುವಂತೆ ಒತ್ತಾಯಿಸಿವೆ. ರೈಲ್ವೆ ಇಲಾಖೆ ಮಾತ್ರ ಇದು ಅನಿವಾರ್ಯ ಕ್ರಮ ಎಂದು ಸಮರ್ಥಿಸಿಕೊಂಡಿದೆ. ದಟ್ಟಣೆಯ ಅವಧಿಯಲ್ಲಿ ಟಿಕೆಟ್ ದುರ್ಬಳಕೆ ತಡೆಯುವ ಉದ್ದೇಶ ಇದರ ಹಿಂದಿದೆ ಎಂದು ಅಧಿಕಾರಿಗಳು ತಿಳಿಸಿದ್ದಾರೆ.
